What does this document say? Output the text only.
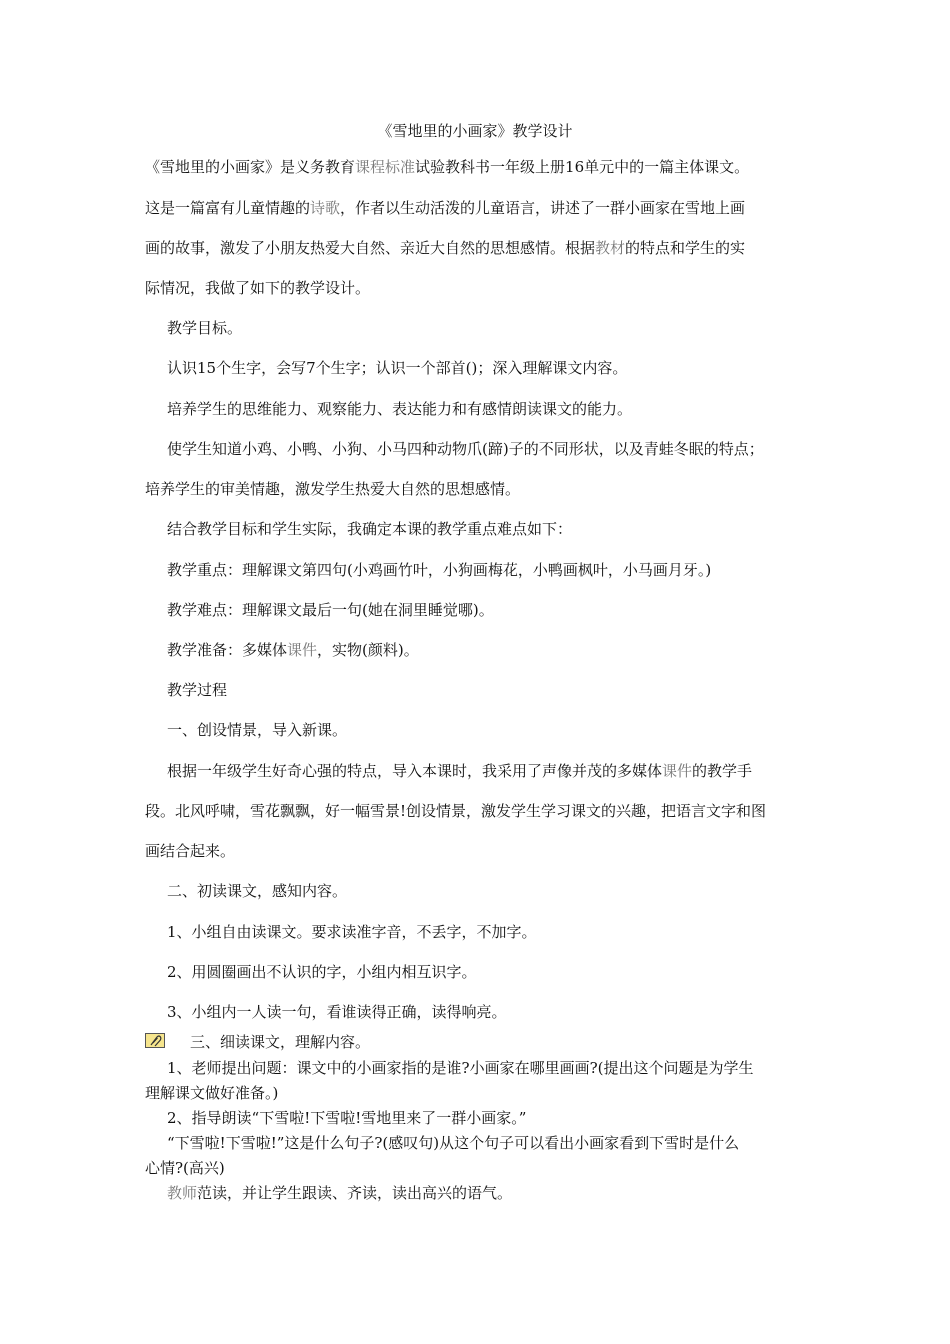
《雪地里的小画家》教学设计
《雪地里的小画家》是义务教育课程标准试验教科书一年级上册16单元中的一篇主体课文。
这是一篇富有儿童情趣的诗歌，作者以生动活泼的儿童语言，讲述了一群小画家在雪地上画
画的故事，激发了小朋友热爱大自然、亲近大自然的思想感情。根据教材的特点和学生的实
际情况，我做了如下的教学设计。
教学目标。
认识15个生字，会写7个生字；认识一个部首()；深入理解课文内容。
培养学生的思维能力、观察能力、表达能力和有感情朗读课文的能力。
使学生知道小鸡、小鸭、小狗、小马四种动物爪(蹄)子的不同形状，以及青蛙冬眠的特点；
培养学生的审美情趣，激发学生热爱大自然的思想感情。
结合教学目标和学生实际，我确定本课的教学重点难点如下：
教学重点：理解课文第四句(小鸡画竹叶，小狗画梅花，小鸭画枫叶，小马画月牙。)
教学难点：理解课文最后一句(她在洞里睡觉哪)。
教学准备：多媒体课件，实物(颜料)。
教学过程
一、创设情景，导入新课。
根据一年级学生好奇心强的特点，导入本课时，我采用了声像并茂的多媒体课件的教学手
段。北风呼啸，雪花飘飘，好一幅雪景!创设情景，激发学生学习课文的兴趣，把语言文字和图
画结合起来。
二、初读课文，感知内容。
1、小组自由读课文。要求读准字音，不丢字，不加字。
2、用圆圈画出不认识的字，小组内相互识字。
3、小组内一人读一句，看谁读得正确，读得响亮。
三、细读课文，理解内容。
1、老师提出问题：课文中的小画家指的是谁?小画家在哪里画画?(提出这个问题是为学生
理解课文做好准备。)
2、指导朗读“下雪啦!下雪啦!雪地里来了一群小画家。”
“下雪啦!下雪啦!”这是什么句子?(感叹句)从这个句子可以看出小画家看到下雪时是什么
心情?(高兴)
教师范读，并让学生跟读、齐读，读出高兴的语气。
